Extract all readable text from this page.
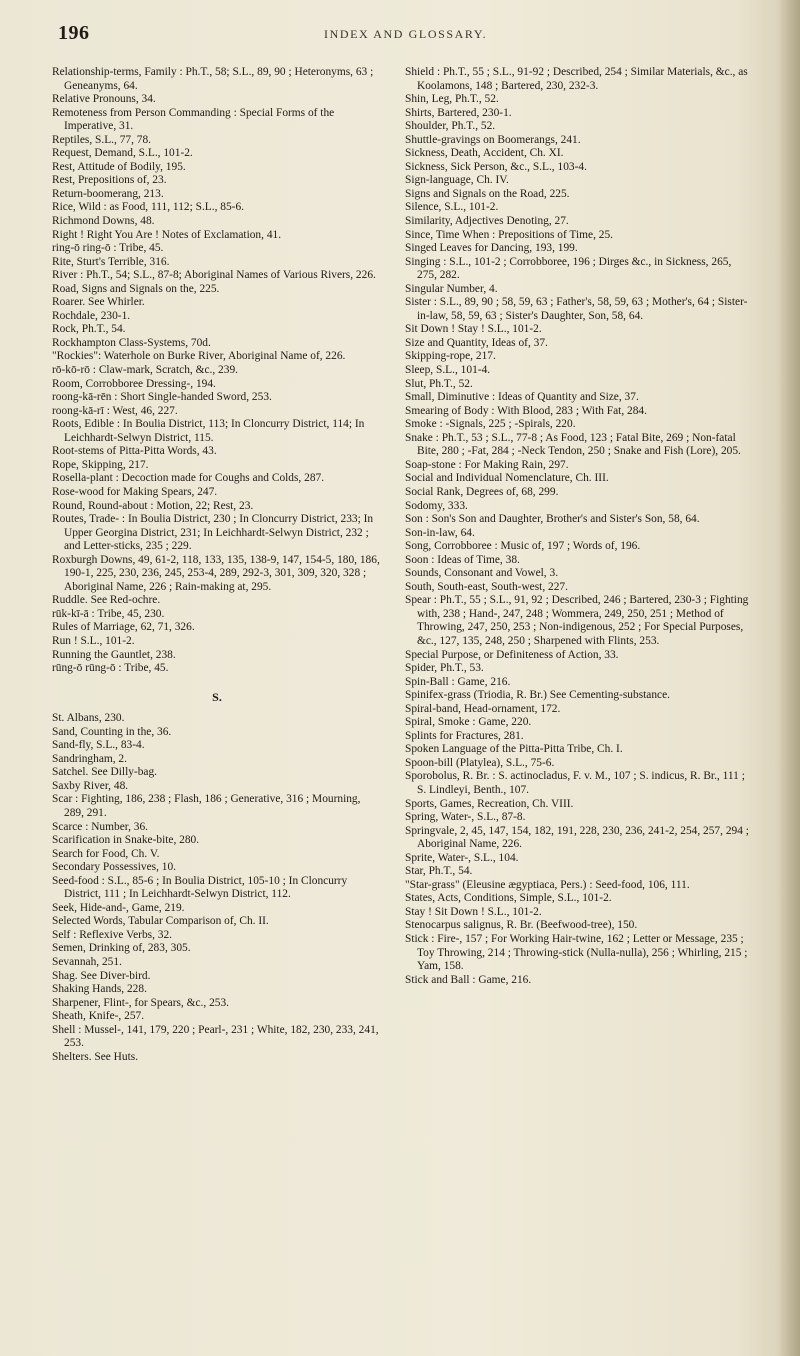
196	INDEX AND GLOSSARY.

Relationship-terms, Family : Ph.T., 58; S.L., 89, 90 ; Heteronyms, 63 ; Geneanyms, 64.

Relative Pronouns, 34.

Remoteness from Person Commanding : Special Forms of the Imperative, 31.

Reptiles, S.L., 77, 78.

Request, Demand, S.L., 101-2.

Rest, Attitude of Bodily, 195.

Rest, Prepositions of, 23.

Return-boomerang, 213.

Rice, Wild : as Food, 111, 112; S.L., 85-6.

Richmond Downs, 48.

Right ! Right You Are ! Notes of Exclamation, 41.

ring-ō ring-ō : Tribe, 45.

Rite, Sturt's Terrible, 316.

River : Ph.T., 54; S.L., 87-8; Aboriginal Names of Various Rivers, 226.

Road, Signs and Signals on the, 225.

Roarer. See Whirler.

Rochdale, 230-1.

Rock, Ph.T., 54.

Rockhampton Class-Systems, 70d.

"Rockies": Waterhole on Burke River, Aboriginal Name of, 226.

rō-kō-rō : Claw-mark, Scratch, &c., 239.

Room, Corrobboree Dressing-, 194.

roong-kā-rēn : Short Single-handed Sword, 253.

roong-kā-rī : West, 46, 227.

Roots, Edible : In Boulia District, 113; In Cloncurry District, 114; In Leichhardt-Selwyn District, 115.

Root-stems of Pitta-Pitta Words, 43.

Rope, Skipping, 217.

Rosella-plant : Decoction made for Coughs and Colds, 287.

Rose-wood for Making Spears, 247.

Round, Round-about : Motion, 22; Rest, 23.

Routes, Trade- : In Boulia District, 230 ; In Cloncurry District, 233; In Upper Georgina District, 231; In Leichhardt-Selwyn District, 232 ; and Letter-sticks, 235 ; 229.

Roxburgh Downs, 49, 61-2, 118, 133, 135, 138-9, 147, 154-5, 180, 186, 190-1, 225, 230, 236, 245, 253-4, 289, 292-3, 301, 309, 320, 328 ; Aboriginal Name, 226 ; Rain-making at, 295.

Ruddle. See Red-ochre.

rūk-kī-ā : Tribe, 45, 230.

Rules of Marriage, 62, 71, 326.

Run ! S.L., 101-2.

Running the Gauntlet, 238.

rūng-ō rūng-ō : Tribe, 45.

S.

St. Albans, 230.

Sand, Counting in the, 36.

Sand-fly, S.L., 83-4.

Sandringham, 2.

Satchel. See Dilly-bag.

Saxby River, 48.

Scar : Fighting, 186, 238 ; Flash, 186 ; Generative, 316 ; Mourning, 289, 291.

Scarce : Number, 36.

Scarification in Snake-bite, 280.

Search for Food, Ch. V.

Secondary Possessives, 10.

Seed-food : S.L., 85-6 ; In Boulia District, 105-10 ; In Cloncurry District, 111 ; In Leichhardt-Selwyn District, 112.

Seek, Hide-and-, Game, 219.

Selected Words, Tabular Comparison of, Ch. II.

Self : Reflexive Verbs, 32.

Semen, Drinking of, 283, 305.

Sevannah, 251.

Shag. See Diver-bird.

Shaking Hands, 228.

Sharpener, Flint-, for Spears, &c., 253.

Sheath, Knife-, 257.

Shell : Mussel-, 141, 179, 220 ; Pearl-, 231 ; White, 182, 230, 233, 241, 253.

Shelters. See Huts.

Shield : Ph.T., 55 ; S.L., 91-92 ; Described, 254 ; Similar Materials, &c., as Koolamons, 148 ; Bartered, 230, 232-3.

Shin, Leg, Ph.T., 52.

Shirts, Bartered, 230-1.

Shoulder, Ph.T., 52.

Shuttle-gravings on Boomerangs, 241.

Sickness, Death, Accident, Ch. XI.

Sickness, Sick Person, &c., S.L., 103-4.

Sign-language, Ch. IV.

Signs and Signals on the Road, 225.

Silence, S.L., 101-2.

Similarity, Adjectives Denoting, 27.

Since, Time When : Prepositions of Time, 25.

Singed Leaves for Dancing, 193, 199.

Singing : S.L., 101-2 ; Corrobboree, 196 ; Dirges &c., in Sickness, 265, 275, 282.

Singular Number, 4.

Sister : S.L., 89, 90 ; 58, 59, 63 ; Father's, 58, 59, 63 ; Mother's, 64 ; Sister-in-law, 58, 59, 63 ; Sister's Daughter, Son, 58, 64.

Sit Down ! Stay ! S.L., 101-2.

Size and Quantity, Ideas of, 37.

Skipping-rope, 217.

Sleep, S.L., 101-4.

Slut, Ph.T., 52.

Small, Diminutive : Ideas of Quantity and Size, 37.

Smearing of Body : With Blood, 283 ; With Fat, 284.

Smoke : -Signals, 225 ; -Spirals, 220.

Snake : Ph.T., 53 ; S.L., 77-8 ; As Food, 123 ; Fatal Bite, 269 ; Non-fatal Bite, 280 ; -Fat, 284 ; -Neck Tendon, 250 ; Snake and Fish (Lore), 205.

Soap-stone : For Making Rain, 297.

Social and Individual Nomenclature, Ch. III.

Social Rank, Degrees of, 68, 299.

Sodomy, 333.

Son : Son's Son and Daughter, Brother's and Sister's Son, 58, 64.

Son-in-law, 64.

Song, Corrobboree : Music of, 197 ; Words of, 196.

Soon : Ideas of Time, 38.

Sounds, Consonant and Vowel, 3.

South, South-east, South-west, 227.

Spear : Ph.T., 55 ; S.L., 91, 92 ; Described, 246 ; Bartered, 230-3 ; Fighting with, 238 ; Hand-, 247, 248 ; Wommera, 249, 250, 251 ; Method of Throwing, 247, 250, 253 ; Non-indigenous, 252 ; For Special Purposes, &c., 127, 135, 248, 250 ; Sharpened with Flints, 253.

Special Purpose, or Definiteness of Action, 33.

Spider, Ph.T., 53.

Spin-Ball : Game, 216.

Spinifex-grass (Triodia, R. Br.) See Cementing-substance.

Spiral-band, Head-ornament, 172.

Spiral, Smoke : Game, 220.

Splints for Fractures, 281.

Spoken Language of the Pitta-Pitta Tribe, Ch. I.

Spoon-bill (Platylea), S.L., 75-6.

Sporobolus, R. Br. : S. actinocladus, F. v. M., 107 ; S. indicus, R. Br., 111 ; S. Lindleyi, Benth., 107.

Sports, Games, Recreation, Ch. VIII.

Spring, Water-, S.L., 87-8.

Springvale, 2, 45, 147, 154, 182, 191, 228, 230, 236, 241-2, 254, 257, 294 ; Aboriginal Name, 226.

Sprite, Water-, S.L., 104.

Star, Ph.T., 54.

"Star-grass" (Eleusine ægyptiaca, Pers.) : Seed-food, 106, 111.

States, Acts, Conditions, Simple, S.L., 101-2.

Stay ! Sit Down ! S.L., 101-2.

Stenocarpus salignus, R. Br. (Beefwood-tree), 150.

Stick : Fire-, 157 ; For Working Hair-twine, 162 ; Letter or Message, 235 ; Toy Throwing, 214 ; Throwing-stick (Nulla-nulla), 256 ; Whirling, 215 ; Yam, 158.

Stick and Ball : Game, 216.
